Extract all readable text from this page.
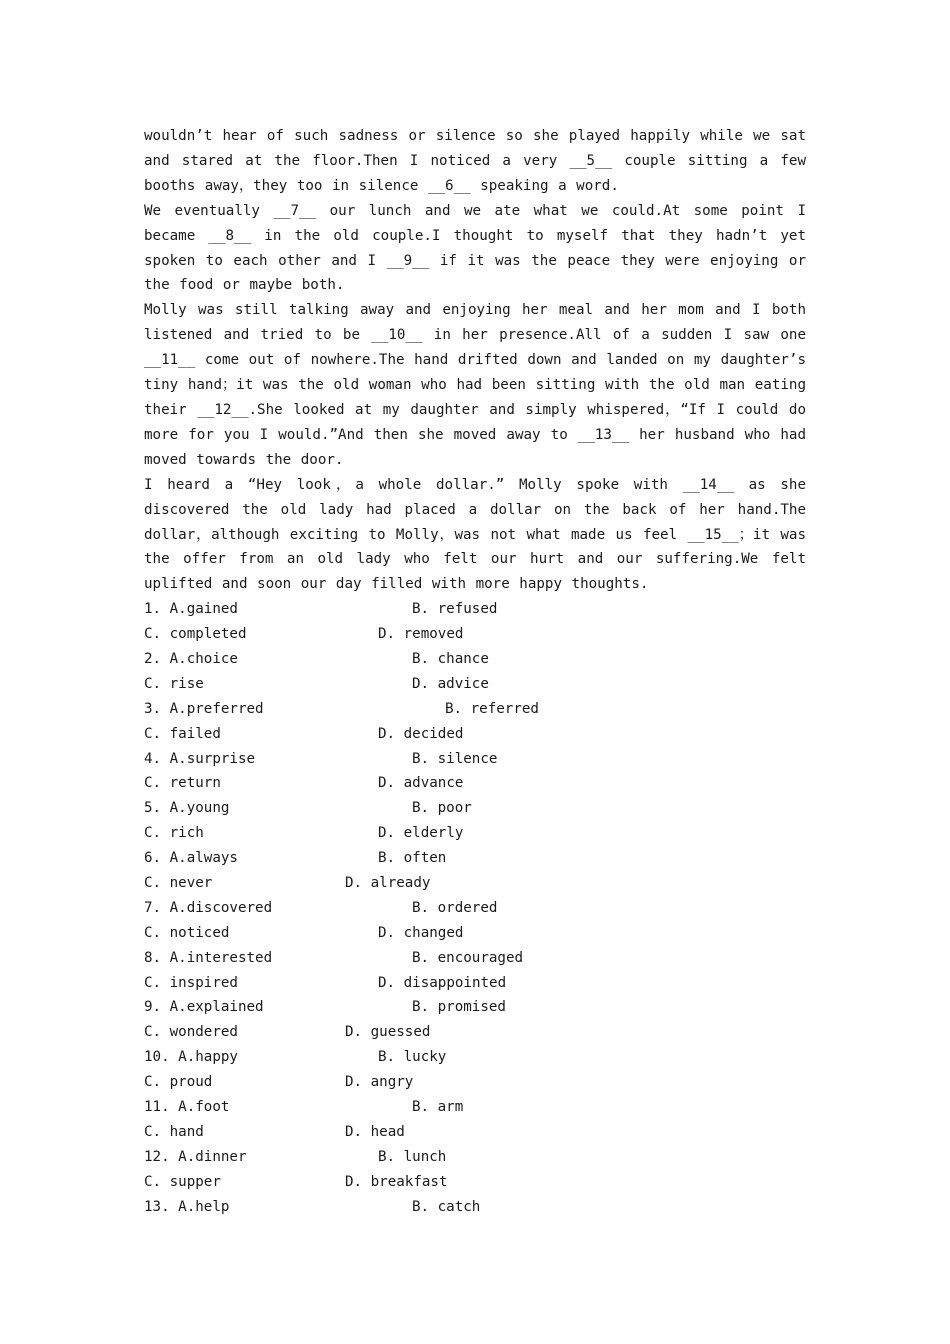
wouldn’t hear of such sadness or silence so she played happily while we sat and stared at the floor.Then I noticed a very __5__ couple sitting a few booths away，they too in silence __6__ speaking a word.

We eventually __7__ our lunch and we ate what we could.At some point I became __8__ in the old couple.I thought to myself that they hadn’t yet spoken to each other and I __9__ if it was the peace they were enjoying or the food or maybe both.

Molly was still talking away and enjoying her meal and her mom and I both listened and tried to be __10__ in her presence.All of a sudden I saw one __11__ come out of nowhere.The hand drifted down and landed on my daughter’s tiny hand；it was the old woman who had been sitting with the old man eating their __12__.She looked at my daughter and simply whispered，“If I could do more for you I would.”And then she moved away to __13__ her husband who had moved towards the door.

I heard a “Hey look，a whole dollar.” Molly spoke with __14__ as she discovered the old lady had placed a dollar on the back of her hand.The dollar，although exciting to Molly，was not what made us feel __15__；it was the offer from an old lady who felt our hurt and our suffering.We felt uplifted and soon our day filled with more happy thoughts.

1. A.gained	B. refused
C. completed	D. removed
2. A.choice	B. chance
C. rise	D. advice
3. A.preferred	B. referred
C. failed	D. decided
4. A.surprise	B. silence
C. return	D. advance
5. A.young	B. poor
C. rich	D. elderly
6. A.always	B. often
C. never	D. already
7. A.discovered	B. ordered
C. noticed	D. changed
8. A.interested	B. encouraged
C. inspired	D. disappointed
9. A.explained	B. promised
C. wondered	D. guessed
10. A.happy	B. lucky
C. proud	D. angry
11. A.foot	B. arm
C. hand	D. head
12. A.dinner	B. lunch
C. supper	D. breakfast
13. A.help	B. catch
